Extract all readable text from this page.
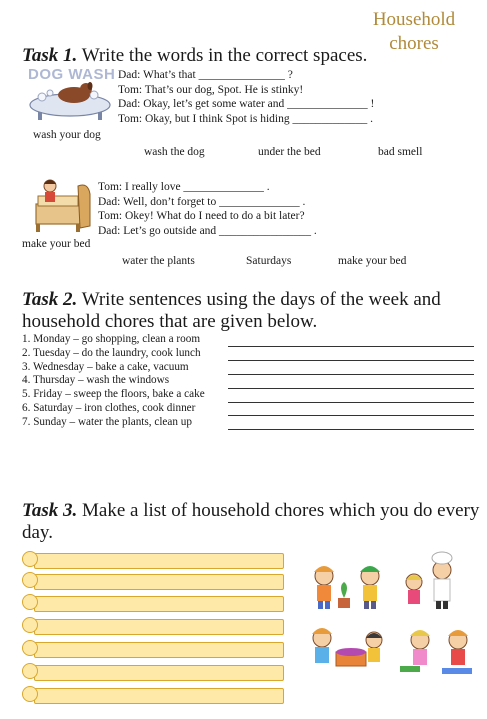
Household chores
Task 1. Write the words in the correct spaces.
DOG WASH Dad: What’s that _______________ ?
Tom: That’s our dog, Spot. He is stinky!
Dad: Okay, let’s get some water and ______________ !
Tom: Okay, but I think Spot is hiding _____________ .
wash your dog
wash the dog	under the bed	bad smell
Tom: I really love ______________ .
Dad: Well, don’t forget to ______________ .
Tom: Okey! What do I need to do a bit later?
Dad: Let’s go outside and ________________ .
make your bed
water the plants	Saturdays	make your bed
Task 2. Write sentences using the days of the week and
household chores that are given below.
1. Monday – go shopping, clean a room
2. Tuesday – do the laundry, cook lunch
3. Wednesday – bake a cake, vacuum
4. Thursday – wash the windows
5. Friday – sweep the floors, bake a cake
6. Saturday – iron clothes, cook dinner
7. Sunday – water the plants, clean up
Task 3. Make a list of household chores which you do every
day.
